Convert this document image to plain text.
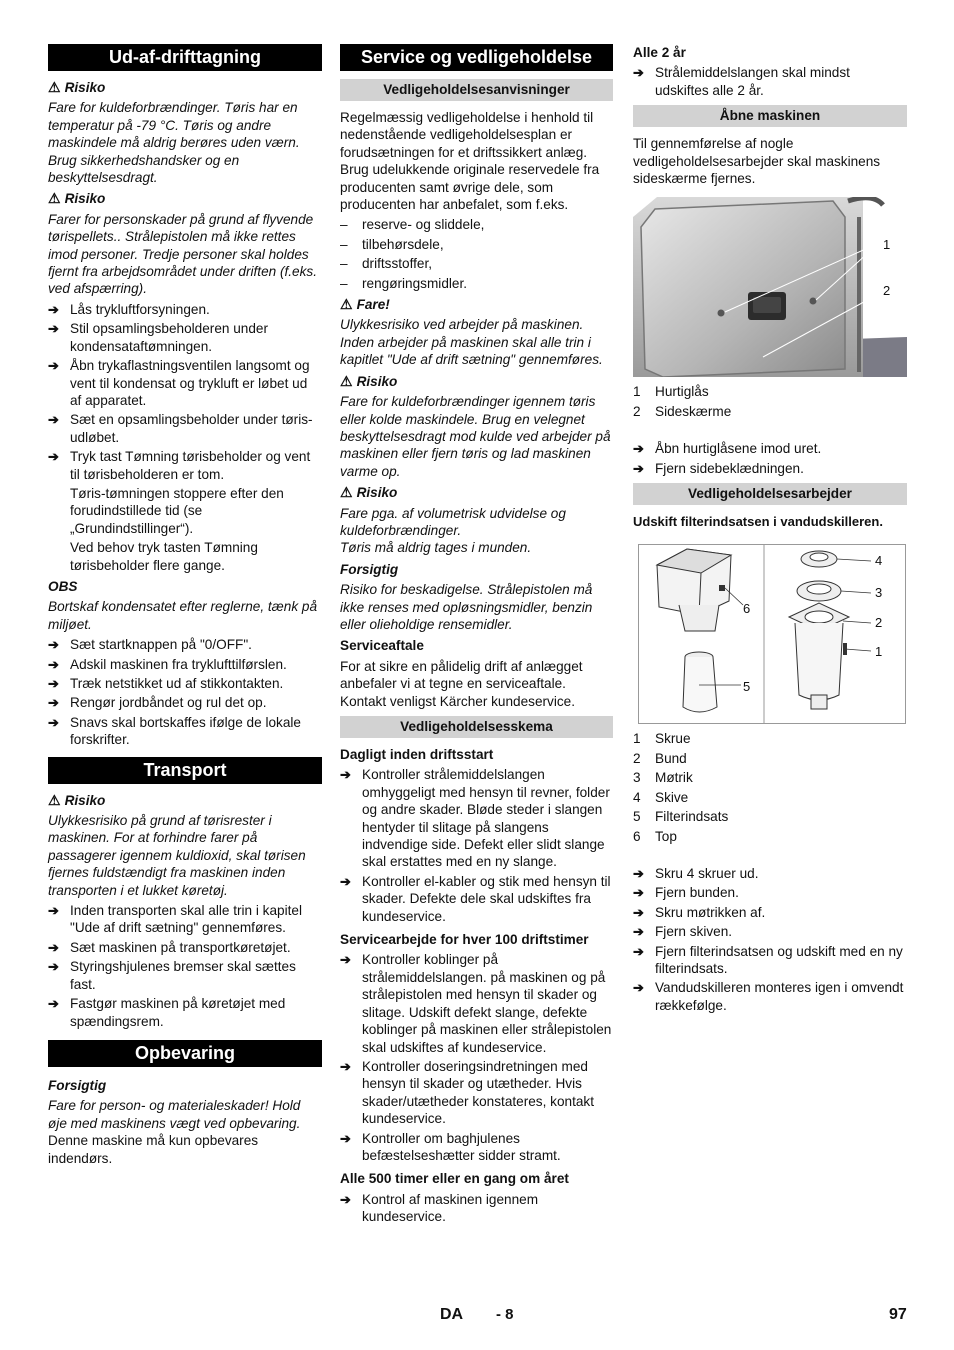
Ud-af-drifttagning

⚠ Risiko

Fare for kuldeforbrændinger. Tøris har en temperatur på -79 °C. Tøris og andre maskindele må aldrig berøres uden værn. Brug sikkerhedshandsker og en beskyttelsesdragt.

⚠ Risiko

Farer for personskader på grund af flyvende tørispellets.. Strålepistolen må ikke rettes imod personer. Tredje personer skal holdes fjernt fra arbejdsområdet under driften (f.eks. ved afspærring).

➔ Lås trykluftforsyningen.
➔ Stil opsamlingsbeholderen under kondensataftømningen.
➔ Åbn trykaflastningsventilen langsomt og vent til kondensat og trykluft er løbet ud af apparatet.
➔ Sæt en opsamlingsbeholder under tøris-udløbet.
➔ Tryk tast Tømning tørisbeholder og vent til tørisbeholderen er tom.

Tøris-tømningen stoppere efter den forudindstillede tid (se „Grundindstillinger“).

Ved behov tryk tasten Tømning tørisbeholder flere gange.

OBS

Bortskaf kondensatet efter reglerne, tænk på miljøet.

➔ Sæt startknappen på "0/OFF".
➔ Adskil maskinen fra tryklufttilførslen.
➔ Træk netstikket ud af stikkontakten.
➔ Rengør jordbåndet og rul det op.
➔ Snavs skal bortskaffes ifølge de lokale forskrifter.
Transport

⚠ Risiko

Ulykkesrisiko på grund af tørisrester i maskinen. For at forhindre farer på passagerer igennem kuldioxid, skal tørisen fjernes fuldstændigt fra maskinen inden transporten i et lukket køretøj.

➔ Inden transporten skal alle trin i kapitel "Ude af drift sætning" gennemføres.
➔ Sæt maskinen på transportkøretøjet.
➔ Styringshjulenes bremser skal sættes fast.
➔ Fastgør maskinen på køretøjet med spændingsrem.
Opbevaring

Forsigtig

Fare for person- og materialeskader! Hold øje med maskinens vægt ved opbevaring.

Denne maskine må kun opbevares indendørs.

Service og vedligeholdelse
Vedligeholdelsesanvisninger

Regelmæssig vedligeholdelse i henhold til nedenstående vedligeholdelsesplan er forudsætningen for et driftssikkert anlæg. Brug udelukkende originale reservedele fra producenten samt øvrige dele, som producenten har anbefalet, som f.eks.

–	reserve- og sliddele,
–	tilbehørsdele,
–	driftsstoffer,
–	rengøringsmidler.

⚠ Fare!

Ulykkesrisiko ved arbejder på maskinen. Inden arbejder på maskinen skal alle trin i kapitlet "Ude af drift sætning" gennemføres.

⚠ Risiko

Fare for kuldeforbrændinger igennem tøris eller kolde maskindele. Brug en velegnet beskyttelsesdragt mod kulde ved arbejder på maskinen eller fjern tøris og lad maskinen varme op.

⚠ Risiko

Fare pga. af volumetrisk udvidelse og kuldeforbrændinger.

Tøris må aldrig tages i munden.

Forsigtig

Risiko for beskadigelse. Strålepistolen må ikke renses med opløsningsmidler, benzin eller olieholdige rensemidler.

Serviceaftale

For at sikre en pålidelig drift af anlægget anbefaler vi at tegne en serviceaftale. Kontakt venligst Kärcher kundeservice.

Vedligeholdelsesskema

Dagligt inden driftsstart

➔ Kontroller strålemiddelslangen omhyggeligt med hensyn til revner, folder og andre skader. Bløde steder i slangen hentyder til slitage på slangens indvendige side. Defekt eller slidt slange skal erstattes med en ny slange.
➔ Kontroller el-kabler og stik med hensyn til skader. Defekte dele skal udskiftes fra kundeservice.

Servicearbejde for hver 100 driftstimer

➔ Kontroller koblinger på strålemiddelslangen. på maskinen og på strålepistolen med hensyn til skader og slitage. Udskift defekt slange, defekte koblinger på maskinen eller strålepistolen skal udskiftes af kundeservice.
➔ Kontroller doseringsindretningen med hensyn til skader og utætheder. Hvis skader/utætheder konstateres, kontakt kundeservice.
➔ Kontroller om baghjulenes befæstelseshætter sidder stramt.

Alle 500 timer eller en gang om året

➔ Kontrol af maskinen igennem kundeservice.

Alle 2 år

➔ Strålemiddelslangen skal mindst udskiftes alle 2 år.
Åbne maskinen

Til gennemførelse af nogle vedligeholdelsesarbejder skal maskinens sideskærme fjernes.

1
2
1	Hurtiglås
2	Sideskærme
➔ Åbn hurtiglåsene imod uret.
➔ Fjern sidebeklædningen.
Vedligeholdelsesarbejder

Udskift filterindsatsen i vandudskilleren.

4
3
2
1
6
5
1	Skrue
2	Bund
3	Møtrik
4	Skive
5	Filterindsats
6	Top
➔ Skru 4 skruer ud.
➔ Fjern bunden.
➔ Skru møtrikken af.
➔ Fjern skiven.
➔ Fjern filterindsatsen og udskift med en ny filterindsats.
➔ Vandudskilleren monteres igen i omvendt rækkefølge.
DA - 8	97
